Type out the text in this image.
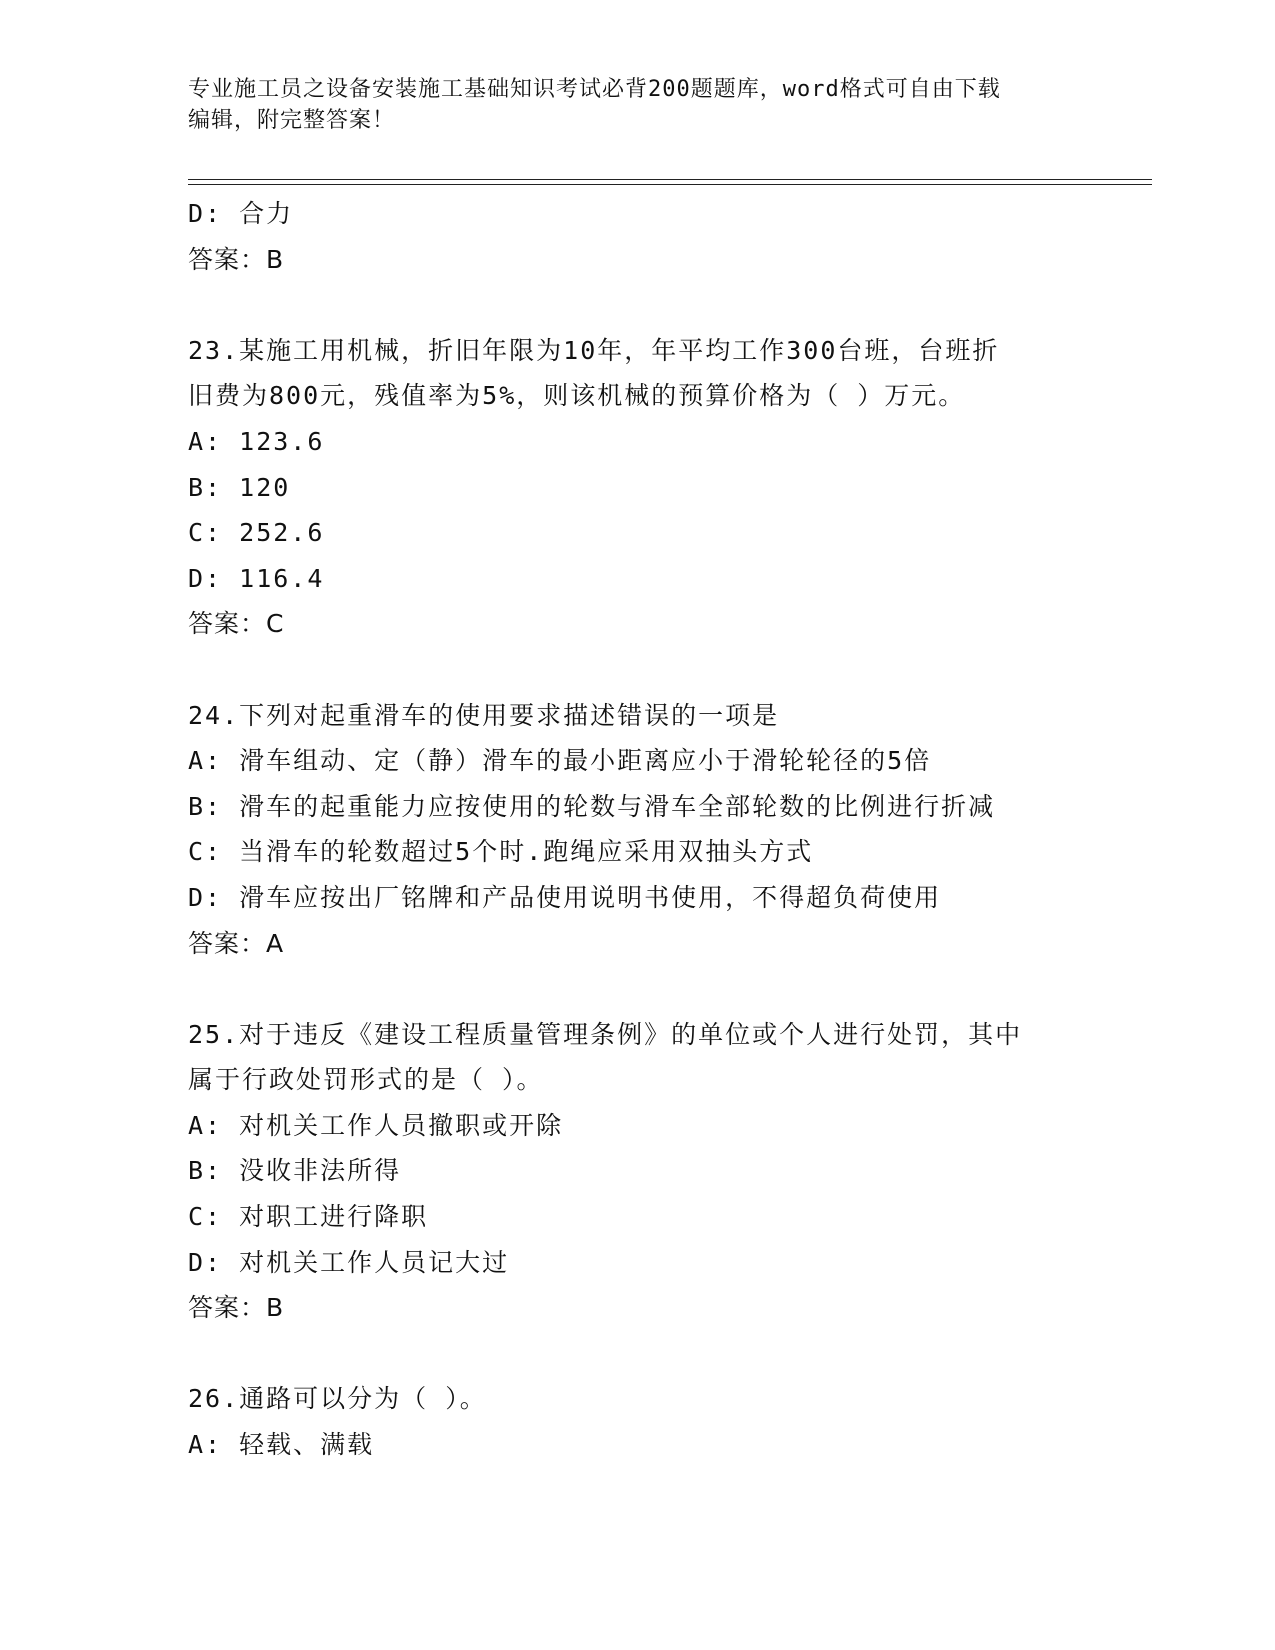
专业施工员之设备安装施工基础知识考试必背200题题库，word格式可自由下载
编辑，附完整答案！
D: 合力
答案：B
23.某施工用机械，折旧年限为10年，年平均工作300台班，台班折
旧费为800元，残值率为5%，则该机械的预算价格为（ ）万元。
A: 123.6
B: 120
C: 252.6
D: 116.4
答案：C
24.下列对起重滑车的使用要求描述错误的一项是
A: 滑车组动、定（静）滑车的最小距离应小于滑轮轮径的5倍
B: 滑车的起重能力应按使用的轮数与滑车全部轮数的比例进行折减
C: 当滑车的轮数超过5个时.跑绳应采用双抽头方式
D: 滑车应按出厂铭牌和产品使用说明书使用，不得超负荷使用
答案：A
25.对于违反《建设工程质量管理条例》的单位或个人进行处罚，其中
属于行政处罚形式的是（ ）。
A: 对机关工作人员撤职或开除
B: 没收非法所得
C: 对职工进行降职
D: 对机关工作人员记大过
答案：B
26.通路可以分为（ ）。
A: 轻载、满载
